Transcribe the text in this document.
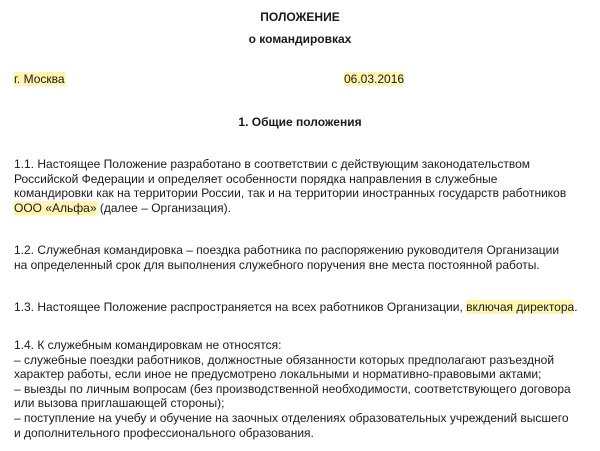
ПОЛОЖЕНИЕ
о командировках
г. Москва	06.03.2016
1. Общие положения
1.1. Настоящее Положение разработано в соответствии с действующим законодательством
Российской Федерации и определяет особенности порядка направления в служебные
командировки как на территории России, так и на территории иностранных государств работников
ООО «Альфа» (далее – Организация).
1.2. Служебная командировка – поездка работника по распоряжению руководителя Организации
на определенный срок для выполнения служебного поручения вне места постоянной работы.
1.3. Настоящее Положение распространяется на всех работников Организации, включая директора.
1.4. К служебным командировкам не относятся:
– служебные поездки работников, должностные обязанности которых предполагают разъездной
характер работы, если иное не предусмотрено локальными и нормативно-правовыми актами;
– выезды по личным вопросам (без производственной необходимости, соответствующего договора
или вызова приглашающей стороны);
– поступление на учебу и обучение на заочных отделениях образовательных учреждений высшего
и дополнительного профессионального образования.
